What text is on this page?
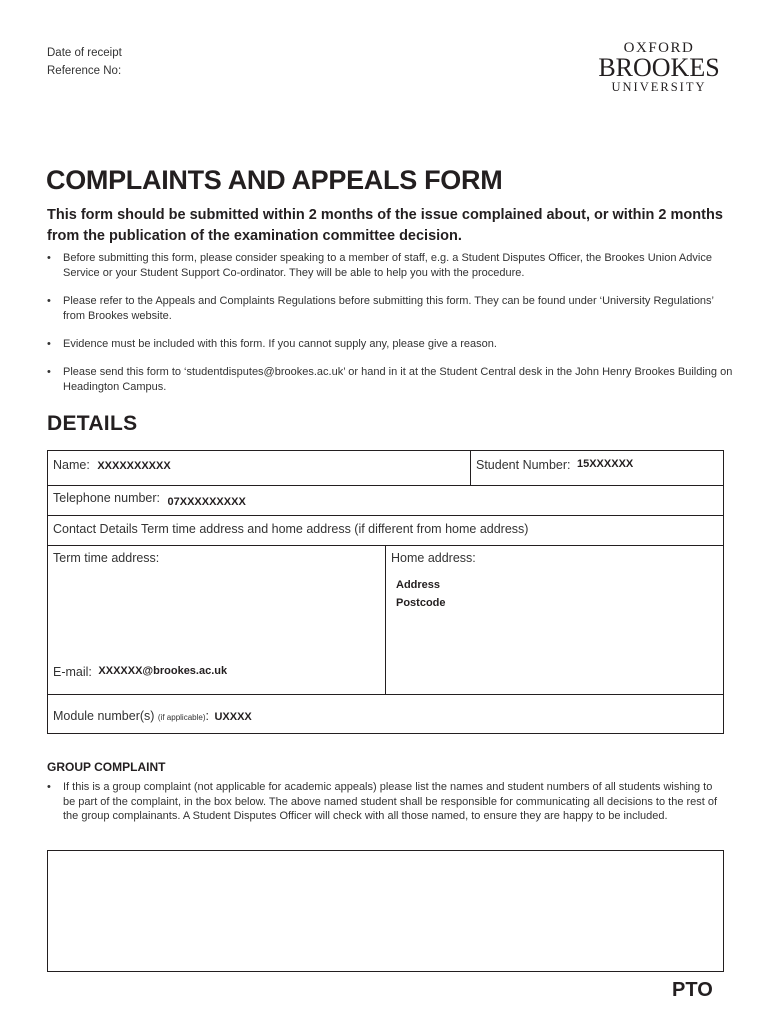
Date of receipt
Reference No:
OXFORD
BROOKES
UNIVERSITY
COMPLAINTS AND APPEALS FORM
This form should be submitted within 2 months of the issue complained about, or within 2 months from the publication of the examination committee decision.
• Before submitting this form, please consider speaking to a member of staff, e.g. a Student Disputes Officer, the Brookes Union Advice Service or your Student Support Co-ordinator. They will be able to help you with the procedure.
• Please refer to the Appeals and Complaints Regulations before submitting this form. They can be found under ‘University Regulations’ from Brookes website.
• Evidence must be included with this form. If you cannot supply any, please give a reason.
• Please send this form to ‘studentdisputes@brookes.ac.uk’ or hand in it at the Student Central desk in the John Henry Brookes Building on Headington Campus.
DETAILS
Name: XXXXXXXXXX	Student Number: 15XXXXXX
Telephone number: 07XXXXXXXXX
Contact Details Term time address and home address (if different from home address)
Term time address:	Home address:
Address
Postcode
E-mail: XXXXXX@brookes.ac.uk
Module number(s) (if applicable): UXXXX
GROUP COMPLAINT
• If this is a group complaint (not applicable for academic appeals) please list the names and student numbers of all students wishing to be part of the complaint, in the box below. The above named student shall be responsible for communicating all decisions to the rest of the group complainants. A Student Disputes Officer will check with all those named, to ensure they are happy to be included.
PTO
